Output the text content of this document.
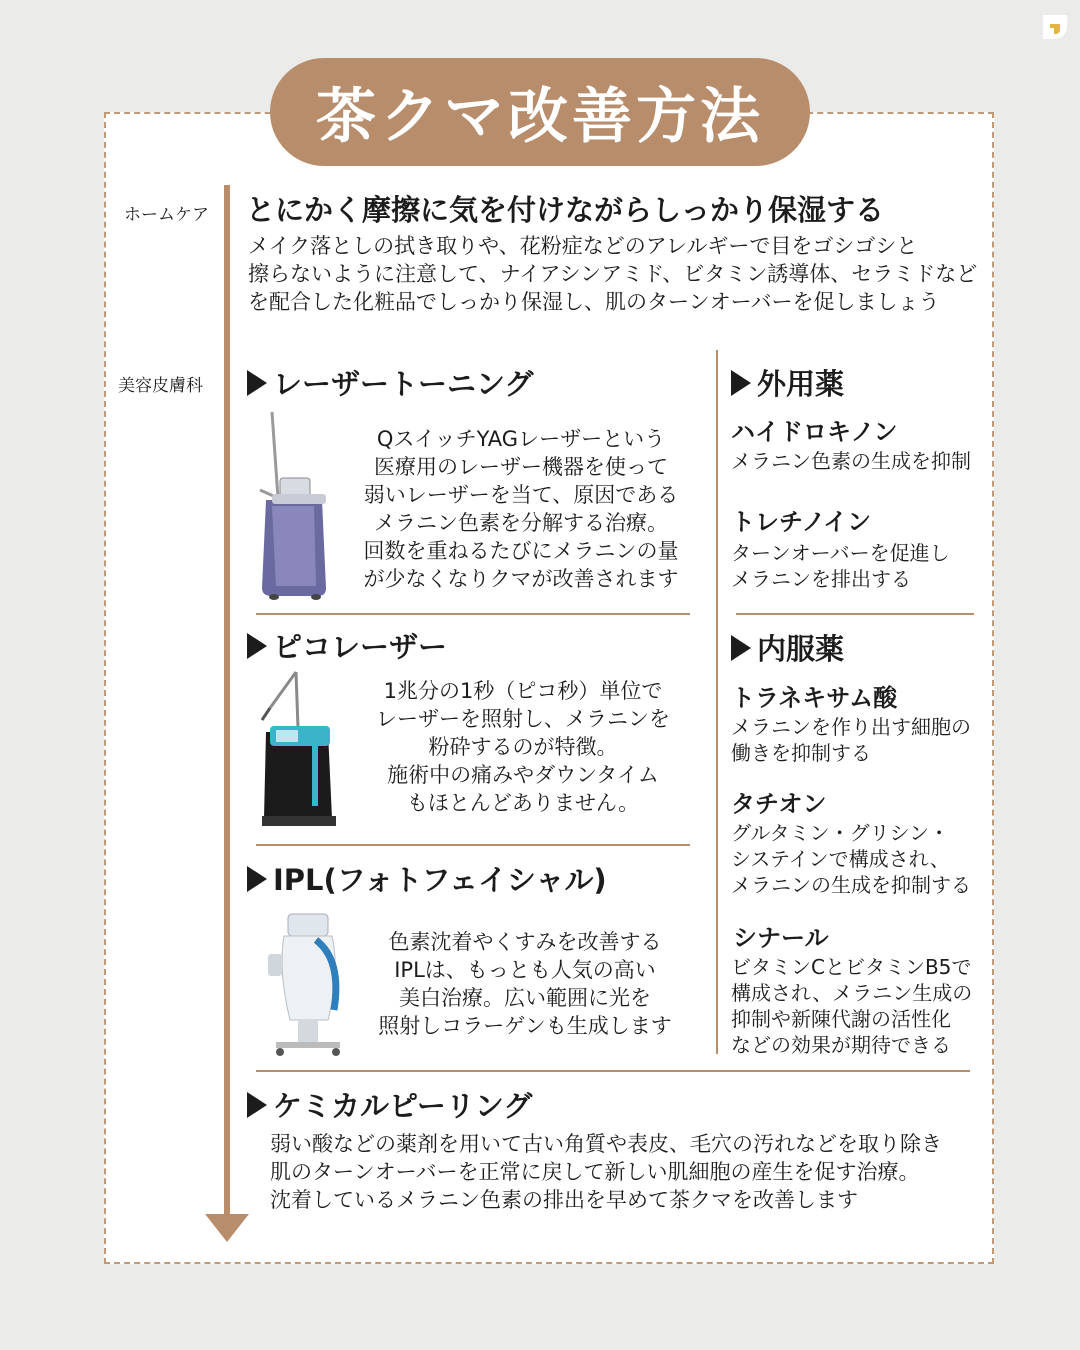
茶クマ改善方法
ホームケア とにかく摩擦に気を付けながらしっかり保湿する
メイク落としの拭き取りや、花粉症などのアレルギーで目をゴシゴシと
擦らないように注意して、ナイアシンアミド、ビタミン誘導体、セラミドなど
を配合した化粧品でしっかり保湿し、肌のターンオーバーを促しましょう
美容皮膚科 レーザートーニング
QスイッチYAGレーザーという
医療用のレーザー機器を使って
弱いレーザーを当て、原因である
メラニン色素を分解する治療。
回数を重ねるたびにメラニンの量
が少なくなりクマが改善されます
ピコレーザー
1兆分の1秒（ピコ秒）単位で
レーザーを照射し、メラニンを
粉砕するのが特徴。
施術中の痛みやダウンタイム
もほとんどありません。
IPL(フォトフェイシャル)
色素沈着やくすみを改善する
IPLは、もっとも人気の高い
美白治療。広い範囲に光を
照射しコラーゲンも生成します
外用薬
ハイドロキノン
メラニン色素の生成を抑制
トレチノイン
ターンオーバーを促進し
メラニンを排出する
内服薬
トラネキサム酸
メラニンを作り出す細胞の
働きを抑制する
タチオン
グルタミン・グリシン・
システインで構成され、
メラニンの生成を抑制する
シナール
ビタミンCとビタミンB5で
構成され、メラニン生成の
抑制や新陳代謝の活性化
などの効果が期待できる
ケミカルピーリング
弱い酸などの薬剤を用いて古い角質や表皮、毛穴の汚れなどを取り除き
肌のターンオーバーを正常に戻して新しい肌細胞の産生を促す治療。
沈着しているメラニン色素の排出を早めて茶クマを改善します
